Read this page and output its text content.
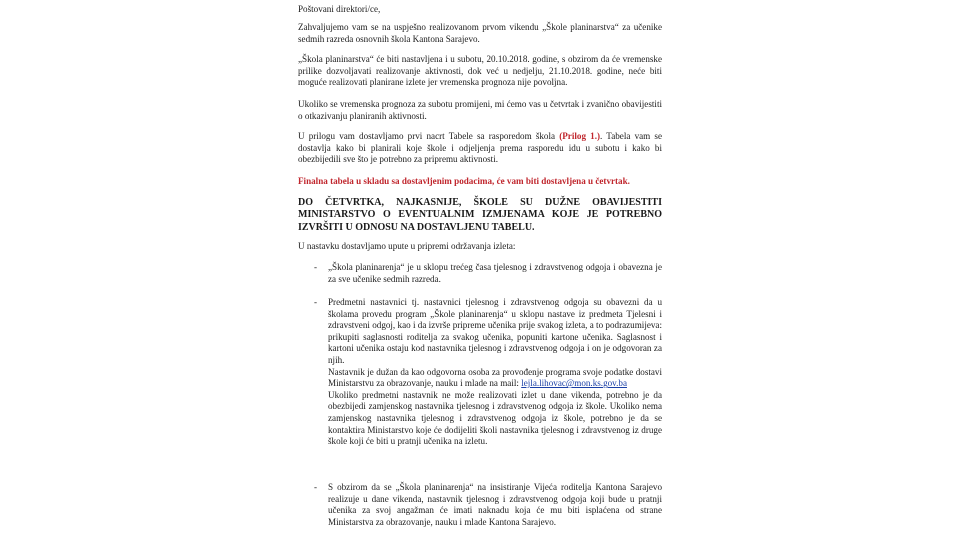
Poštovani direktori/ce,

Zahvaljujemo vam se na uspješno realizovanom prvom vikendu „Škole planinarstva“ za učenike sedmih razreda osnovnih škola Kantona Sarajevo.

„Škola planinarstva“ će biti nastavljena i u subotu, 20.10.2018. godine, s obzirom da će vremenske prilike dozvoljavati realizovanje aktivnosti, dok već u nedjelju, 21.10.2018. godine, neće biti moguće realizovati planirane izlete jer vremenska prognoza nije povoljna.

Ukoliko se vremenska prognoza za subotu promijeni, mi ćemo vas u četvrtak i zvanično obavijestiti o otkazivanju planiranih aktivnosti.

U prilogu vam dostavljamo prvi nacrt Tabele sa rasporedom škola (Prilog 1.). Tabela vam se dostavlja kako bi planirali koje škole i odjeljenja prema rasporedu idu u subotu i kako bi obezbijedili sve što je potrebno za pripremu aktivnosti.

Finalna tabela u skladu sa dostavljenim podacima, će vam biti dostavljena u četvrtak.

DO ČETVRTKA, NAJKASNIJE, ŠKOLE SU DUŽNE OBAVIJESTITI MINISTARSTVO O EVENTUALNIM IZMJENAMA KOJE JE POTREBNO IZVRŠITI U ODNOSU NA DOSTAVLJENU TABELU.

U nastavku dostavljamo upute u pripremi održavanja izleta:

-	„Škola planinarenja“ je u sklopu trećeg časa tjelesnog i zdravstvenog odgoja i obavezna je za sve učenike sedmih razreda.

-	Predmetni nastavnici tj. nastavnici tjelesnog i zdravstvenog odgoja su obavezni da u školama provedu program „Škole planinarenja“ u sklopu nastave iz predmeta Tjelesni i zdravstveni odgoj, kao i da izvrše pripreme učenika prije svakog izleta, a to podrazumijeva: prikupiti saglasnosti roditelja za svakog učenika, popuniti kartone učenika. Saglasnost i kartoni učenika ostaju kod nastavnika tjelesnog i zdravstvenog odgoja i on je odgovoran za njih.
Nastavnik je dužan da kao odgovorna osoba za provođenje programa svoje podatke dostavi Ministarstvu za obrazovanje, nauku i mlade na mail: lejla.lihovac@mon.ks.gov.ba
Ukoliko predmetni nastavnik ne može realizovati izlet u dane vikenda, potrebno je da obezbijedi zamjenskog nastavnika tjelesnog i zdravstvenog odgoja iz škole. Ukoliko nema zamjenskog nastavnika tjelesnog i zdravstvenog odgoja iz škole, potrebno je da se kontaktira Ministarstvo koje će dodijeliti školi nastavnika tjelesnog i zdravstvenog iz druge škole koji će biti u pratnji učenika na izletu.

-	S obzirom da se „Škola planinarenja“ na insistiranje Vijeća roditelja Kantona Sarajevo realizuje u dane vikenda, nastavnik tjelesnog i zdravstvenog odgoja koji bude u pratnji učenika za svoj angažman će imati naknadu koja će mu biti isplaćena od strane Ministarstva za obrazovanje, nauku i mlade Kantona Sarajevo.
